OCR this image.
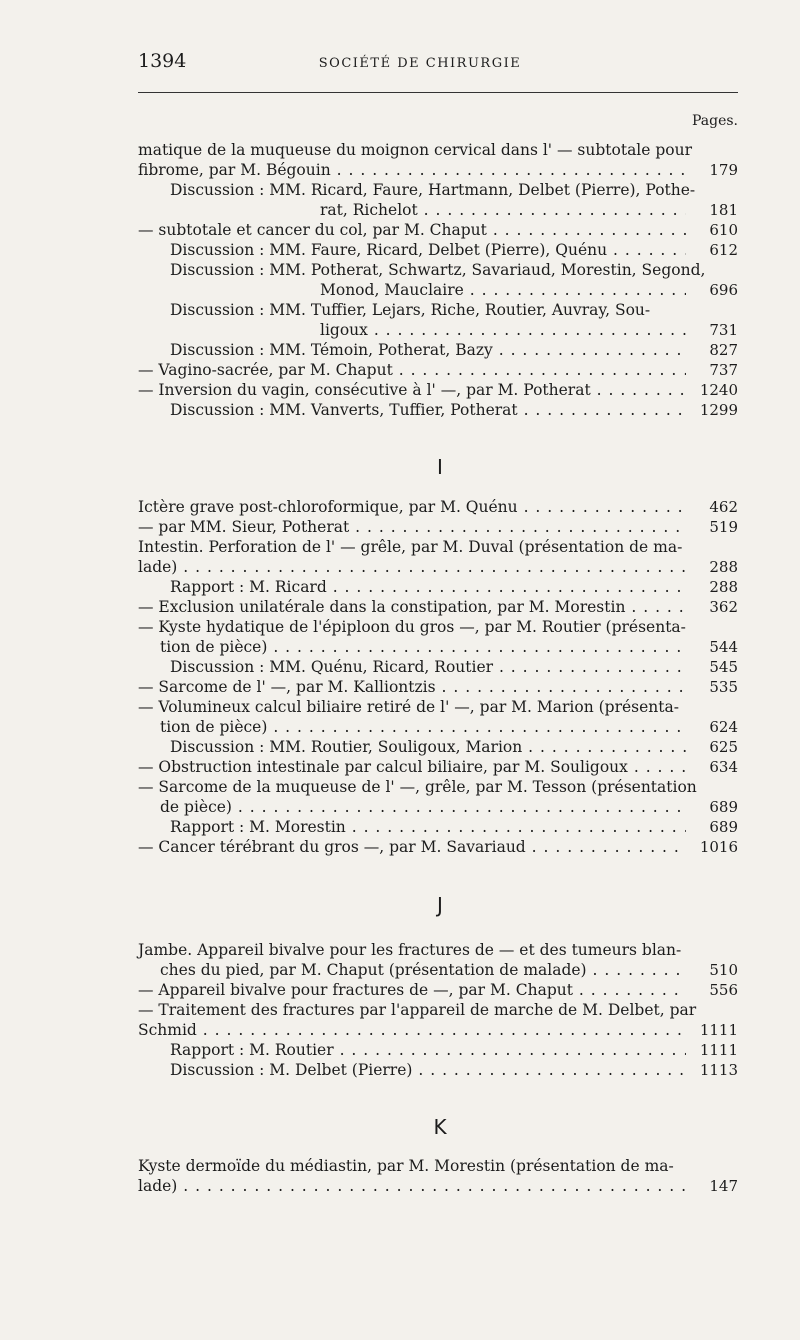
1394	SOCIÉTÉ DE CHIRURGIE
Pages.
matique de la muqueuse du moignon cervical dans l' — subtotale pour
fibrome, par M. Bégouin . . .	179
Discussion : MM. Ricard, Faure, Hartmann, Delbet (Pierre), Pothe-
rat, Richelot . . .	181
— subtotale et cancer du col, par M. Chaput . . .	610
Discussion : MM. Faure, Ricard, Delbet (Pierre), Quénu . . .	612
Discussion : MM. Potherat, Schwartz, Savariaud, Morestin, Segond,
Monod, Mauclaire . . .	696
Discussion : MM. Tuffier, Lejars, Riche, Routier, Auvray, Sou-
ligoux . . .	731
Discussion : MM. Témoin, Potherat, Bazy . . .	827
— Vagino-sacrée, par M. Chaput . . .	737
— Inversion du vagin, consécutive à l' —, par M. Potherat . . .	1240
Discussion : MM. Vanverts, Tuffier, Potherat . . .	1299
I
Ictère grave post-chloroformique, par M. Quénu . . .	462
— par MM. Sieur, Potherat . . .	519
Intestin. Perforation de l' — grêle, par M. Duval (présentation de ma-
lade) . . .	288
Rapport : M. Ricard . . .	288
— Exclusion unilatérale dans la constipation, par M. Morestin . . .	362
— Kyste hydatique de l'épiploon du gros —, par M. Routier (présenta-
tion de pièce) . . .	544
Discussion : MM. Quénu, Ricard, Routier . . .	545
— Sarcome de l' —, par M. Kalliontzis . . .	535
— Volumineux calcul biliaire retiré de l' —, par M. Marion (présenta-
tion de pièce) . . .	624
Discussion : MM. Routier, Souligoux, Marion . . .	625
— Obstruction intestinale par calcul biliaire, par M. Souligoux . . .	634
— Sarcome de la muqueuse de l' —, grêle, par M. Tesson (présentation
de pièce) . . .	689
Rapport : M. Morestin . . .	689
— Cancer térébrant du gros —, par M. Savariaud . . .	1016
J
Jambe. Appareil bivalve pour les fractures de — et des tumeurs blan-
ches du pied, par M. Chaput (présentation de malade) . . .	510
— Appareil bivalve pour fractures de —, par M. Chaput . . .	556
— Traitement des fractures par l'appareil de marche de M. Delbet, par
Schmid . . .	1111
Rapport : M. Routier . . .	1111
Discussion : M. Delbet (Pierre) . . .	1113
K
Kyste dermoïde du médiastin, par M. Morestin (présentation de ma-
lade) . . .	147
